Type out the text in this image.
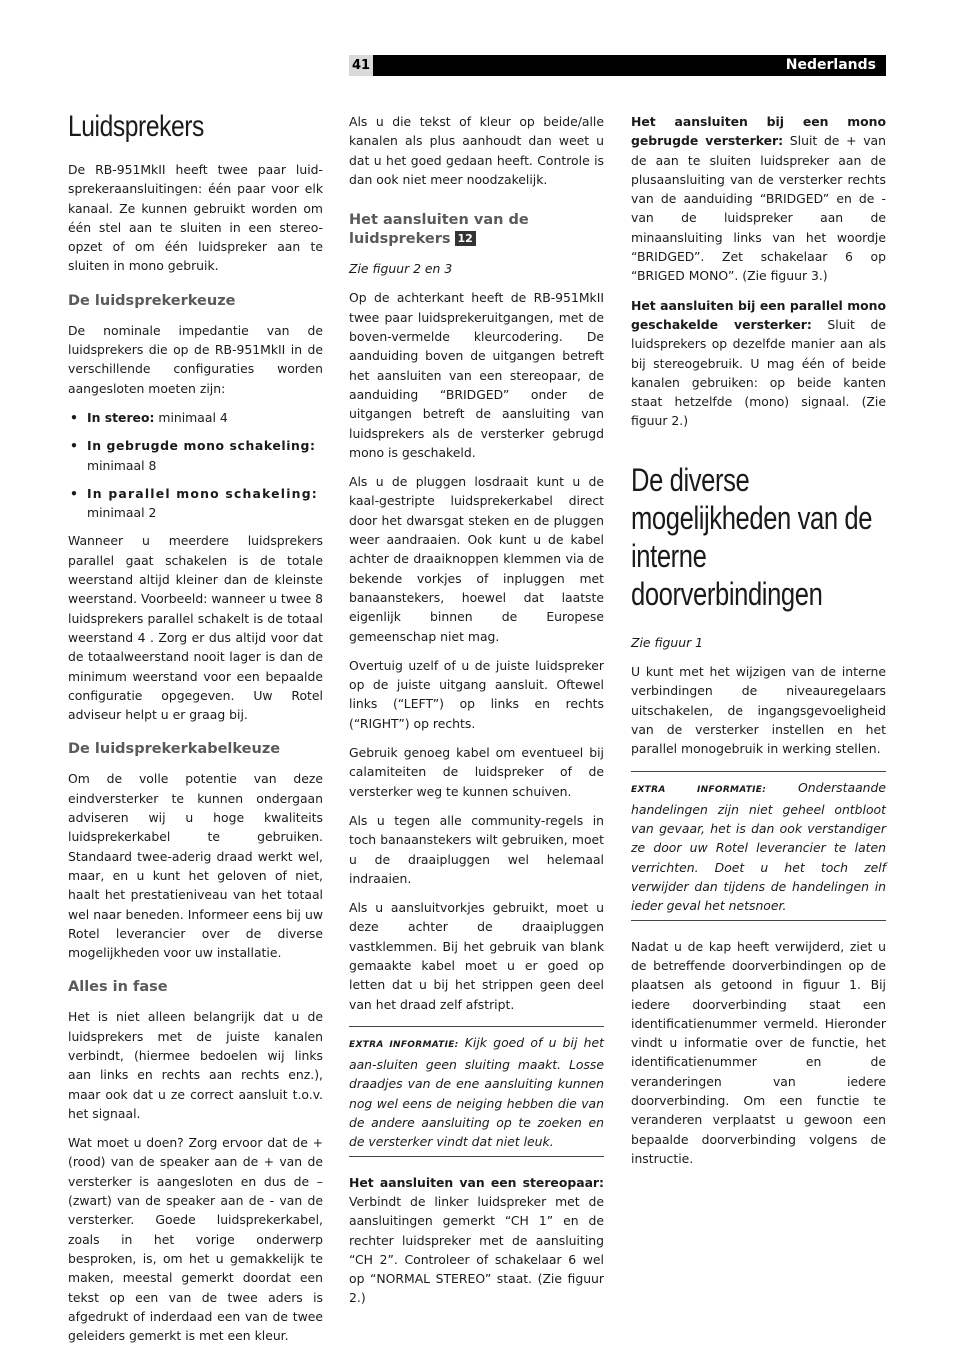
41	Nederlands
Luidsprekers

De RB-951MkII heeft twee paar luid-sprekeraansluitingen: één paar voor elk kanaal. Ze kunnen gebruikt worden om één stel aan te sluiten in een stereo-opzet of om één luidspreker aan te sluiten in mono gebruik.

De luidsprekerkeuze

De nominale impedantie van de luidsprekers die op de RB-951MkII in de verschillende configuraties worden aangesloten moeten zijn:

• In stereo: minimaal 4
• In gebrugde mono schakeling:
minimaal 8
• In parallel mono schakeling:
minimaal 2

Wanneer u meerdere luidsprekers parallel gaat schakelen is de totale weerstand altijd kleiner dan de kleinste weerstand. Voorbeeld: wanneer u twee 8 luidsprekers parallel schakelt is de totaal weerstand 4 . Zorg er dus altijd voor dat de totaalweerstand nooit lager is dan de minimum weerstand voor een bepaalde configuratie opgegeven. Uw Rotel adviseur helpt u er graag bij.

De luidsprekerkabelkeuze

Om de volle potentie van deze eindversterker te kunnen ondergaan adviseren wij u hoge kwaliteits luidsprekerkabel te gebruiken. Standaard twee-aderig draad werkt wel, maar, en u kunt het geloven of niet, haalt het prestatieniveau van het totaal wel naar beneden. Informeer eens bij uw Rotel leverancier over de diverse mogelijkheden voor uw installatie.

Alles in fase

Het is niet alleen belangrijk dat u de luidsprekers met de juiste kanalen verbindt, (hiermee bedoelen wij links aan links en rechts aan rechts enz.), maar ook dat u ze correct aansluit t.o.v. het signaal.

Wat moet u doen? Zorg ervoor dat de + (rood) van de speaker aan de + van de versterker is aangesloten en dus de – (zwart) van de speaker aan de - van de versterker. Goede luidsprekerkabel, zoals in het vorige onderwerp besproken, is, om het u gemakkelijk te maken, meestal gemerkt doordat een tekst op een van de twee aders is afgedrukt of inderdaad een van de twee geleiders gemerkt is met een kleur.

Als u die tekst of kleur op beide/alle kanalen als plus aanhoudt dan weet u dat u het goed gedaan heeft. Controle is dan ook niet meer noodzakelijk.

Het aansluiten van de luidsprekers 12

Zie figuur 2 en 3

Op de achterkant heeft de RB-951MkII twee paar luidsprekeruitgangen, met de boven-vermelde kleurcodering. De aanduiding boven de uitgangen betreft het aansluiten van een stereopaar, de aanduiding “BRIDGED” onder de uitgangen betreft de aansluiting van luidsprekers als de versterker gebrugd mono is geschakeld.

Als u de pluggen losdraait kunt u de kaal-gestripte luidsprekerkabel direct door het dwarsgat steken en de pluggen weer aandraaien. Ook kunt u de kabel achter de draaiknoppen klemmen via de bekende vorkjes of inpluggen met banaanstekers, hoewel dat laatste eigenlijk binnen de Europese gemeenschap niet mag.

Overtuig uzelf of u de juiste luidspreker op de juiste uitgang aansluit. Oftewel links (“LEFT”) op links en rechts (“RIGHT”) op rechts.

Gebruik genoeg kabel om eventueel bij calamiteiten de luidspreker of de versterker weg te kunnen schuiven.

Als u tegen alle community-regels in toch banaanstekers wilt gebruiken, moet u de draaipluggen wel helemaal indraaien.

Als u aansluitvorkjes gebruikt, moet u deze achter de draaipluggen vastklemmen. Bij het gebruik van blank gemaakte kabel moet u er goed op letten dat u bij het strippen geen deel van het draad zelf afstript.

EXTRA INFORMATIE: Kijk goed of u bij het aan-sluiten geen sluiting maakt. Losse draadjes van de ene aansluiting kunnen nog wel eens de neiging hebben die van de andere aansluiting op te zoeken en de versterker vindt dat niet leuk.

Het aansluiten van een stereopaar: Verbindt de linker luidspreker met de aansluitingen gemerkt “CH 1” en de rechter luidspreker met de aansluiting “CH 2”. Controleer of schakelaar 6 wel op “NORMAL STEREO” staat. (Zie figuur 2.)

Het aansluiten bij een mono gebrugde versterker: Sluit de + van de aan te sluiten luidspreker aan de plusaansluiting van de versterker rechts van de aanduiding “BRIDGED” en de - van de luidspreker aan de minaansluiting links van het woordje “BRIDGED”. Zet schakelaar 6 op “BRIGED MONO”. (Zie figuur 3.)

Het aansluiten bij een parallel mono geschakelde versterker: Sluit de luidsprekers op dezelfde manier aan als bij stereogebruik. U mag één of beide kanalen gebruiken: op beide kanten staat hetzelfde (mono) signaal. (Zie figuur 2.)

De diverse mogelijkheden van de interne doorverbindingen

Zie figuur 1

U kunt met het wijzigen van de interne verbindingen de niveauregelaars uitschakelen, de ingangsgevoeligheid van de versterker instellen en het parallel monogebruik in werking stellen.

EXTRA INFORMATIE: Onderstaande handelingen zijn niet geheel ontbloot van gevaar, het is dan ook verstandiger ze door uw Rotel leverancier te laten verrichten. Doet u het toch zelf verwijder dan tijdens de handelingen in ieder geval het netsnoer.

Nadat u de kap heeft verwijderd, ziet u de betreffende doorverbindingen op de plaatsen als getoond in figuur 1. Bij iedere doorverbinding staat een identificatienummer vermeld. Hieronder vindt u informatie over de functie, het identificatienummer en de veranderingen van iedere doorverbinding. Om een functie te veranderen verplaatst u gewoon een bepaalde doorverbinding volgens de instructie.
